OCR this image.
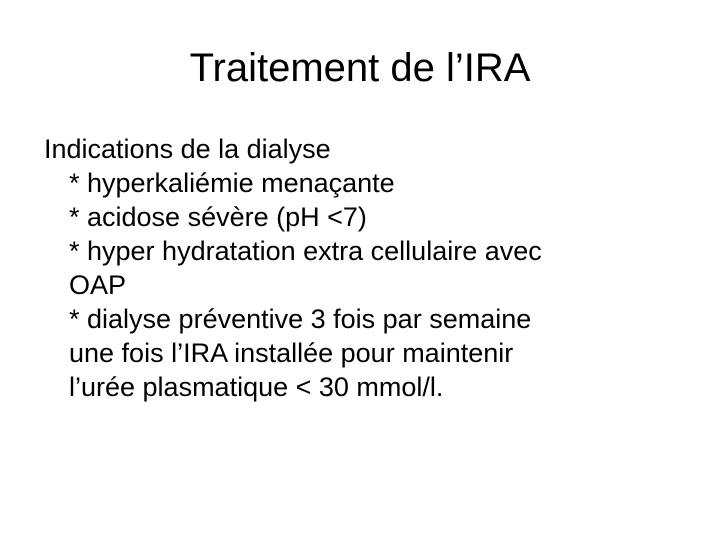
Traitement de l’IRA

Indications de la dialyse

* hyperkaliémie menaçante
* acidose sévère (pH <7)
* hyper hydratation extra cellulaire avec
OAP
* dialyse préventive 3 fois par semaine
une fois l’IRA installée pour maintenir
l’urée plasmatique < 30 mmol/l.
